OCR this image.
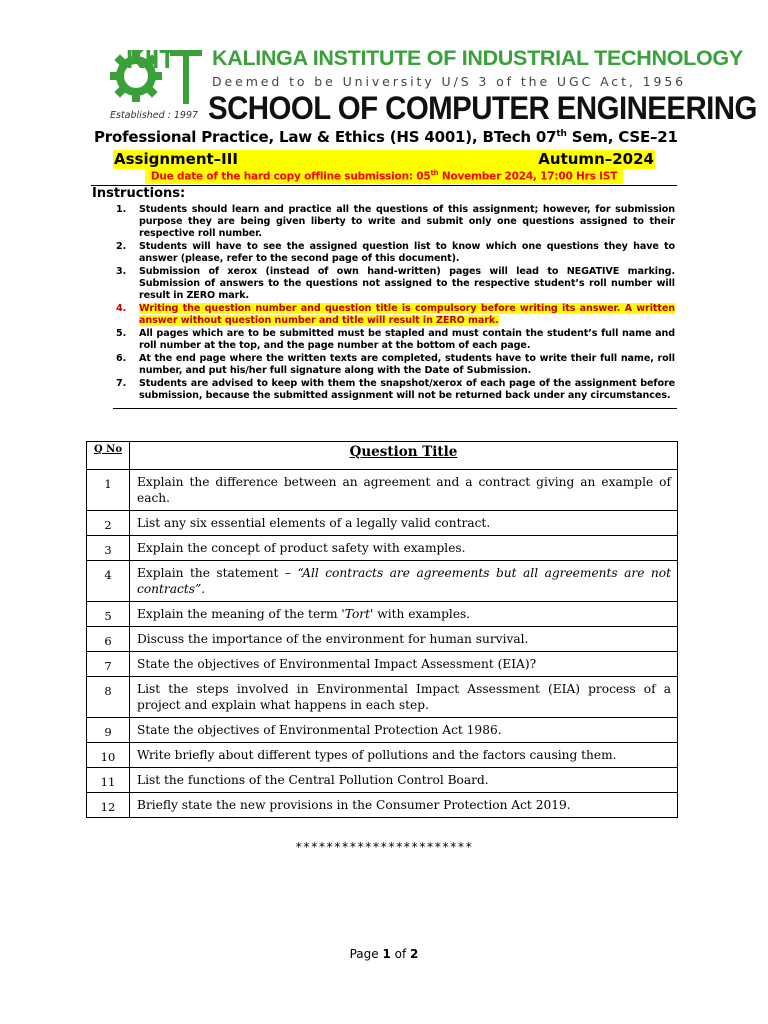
KIIT KALINGA INSTITUTE OF INDUSTRIAL TECHNOLOGY
Deemed to be University U/S 3 of the UGC Act, 1956
SCHOOL OF COMPUTER ENGINEERING
Established : 1997
Professional Practice, Law & Ethics (HS 4001), BTech 07th Sem, CSE–21
Assignment–III	Autumn–2024
Due date of the hard copy offline submission: 05th November 2024, 17:00 Hrs IST
Instructions:
1. Students should learn and practice all the questions of this assignment; however, for submission purpose they are being given liberty to write and submit only one questions assigned to their respective roll number.
2. Students will have to see the assigned question list to know which one questions they have to answer (please, refer to the second page of this document).
3. Submission of xerox (instead of own hand-written) pages will lead to NEGATIVE marking. Submission of answers to the questions not assigned to the respective student’s roll number will result in ZERO mark.
4. Writing the question number and question title is compulsory before writing its answer. A written answer without question number and title will result in ZERO mark.
5. All pages which are to be submitted must be stapled and must contain the student’s full name and roll number at the top, and the page number at the bottom of each page.
6. At the end page where the written texts are completed, students have to write their full name, roll number, and put his/her full signature along with the Date of Submission.
7. Students are advised to keep with them the snapshot/xerox of each page of the assignment before submission, because the submitted assignment will not be returned back under any circumstances.
Q No	Question Title
1	Explain the difference between an agreement and a contract giving an example of each.
2	List any six essential elements of a legally valid contract.
3	Explain the concept of product safety with examples.
4	Explain the statement – “All contracts are agreements but all agreements are not contracts”.
5	Explain the meaning of the term 'Tort' with examples.
6	Discuss the importance of the environment for human survival.
7	State the objectives of Environmental Impact Assessment (EIA)?
8	List the steps involved in Environmental Impact Assessment (EIA) process of a project and explain what happens in each step.
9	State the objectives of Environmental Protection Act 1986.
10	Write briefly about different types of pollutions and the factors causing them.
11	List the functions of the Central Pollution Control Board.
12	Briefly state the new provisions in the Consumer Protection Act 2019.
***********************
Page 1 of 2
